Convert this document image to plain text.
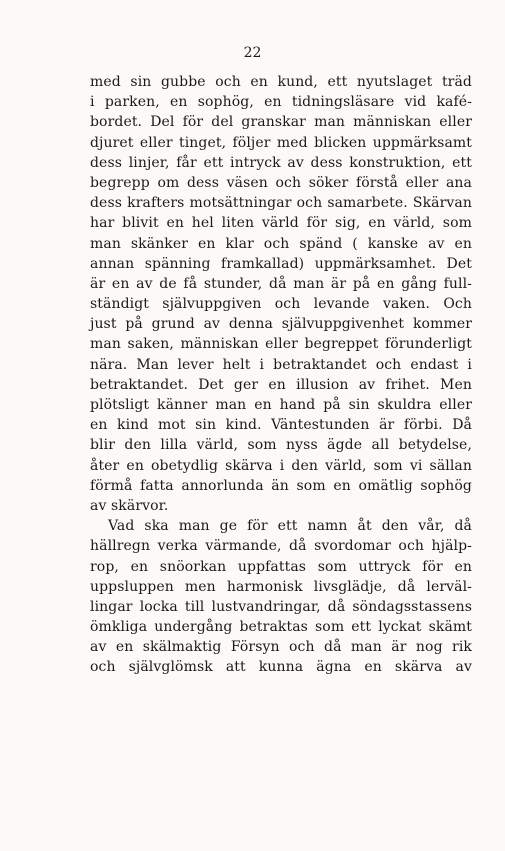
22
med sin gubbe och en kund, ett nyutslaget träd
i parken, en sophög, en tidningsläsare vid kafé-
bordet. Del för del granskar man människan eller
djuret eller tinget, följer med blicken uppmärksamt
dess linjer, får ett intryck av dess konstruktion, ett
begrepp om dess väsen och söker förstå eller ana
dess krafters motsättningar och samarbete. Skärvan
har blivit en hel liten värld för sig, en värld, som
man skänker en klar och spänd ( kanske av en
annan spänning framkallad) uppmärksamhet. Det
är en av de få stunder, då man är på en gång full-
ständigt självuppgiven och levande vaken. Och
just på grund av denna självuppgivenhet kommer
man saken, människan eller begreppet förunderligt
nära. Man lever helt i betraktandet och endast i
betraktandet. Det ger en illusion av frihet. Men
plötsligt känner man en hand på sin skuldra eller
en kind mot sin kind. Väntestunden är förbi. Då
blir den lilla värld, som nyss ägde all betydelse,
åter en obetydlig skärva i den värld, som vi sällan
förmå fatta annorlunda än som en omätlig sophög
av skärvor.
Vad ska man ge för ett namn åt den vår, då
hällregn verka värmande, då svordomar och hjälp-
rop, en snöorkan uppfattas som uttryck för en
uppsluppen men harmonisk livsglädje, då lerväl-
lingar locka till lustvandringar, då söndagsstassens
ömkliga undergång betraktas som ett lyckat skämt
av en skälmaktig Försyn och då man är nog rik
och självglömsk att kunna ägna en skärva av
